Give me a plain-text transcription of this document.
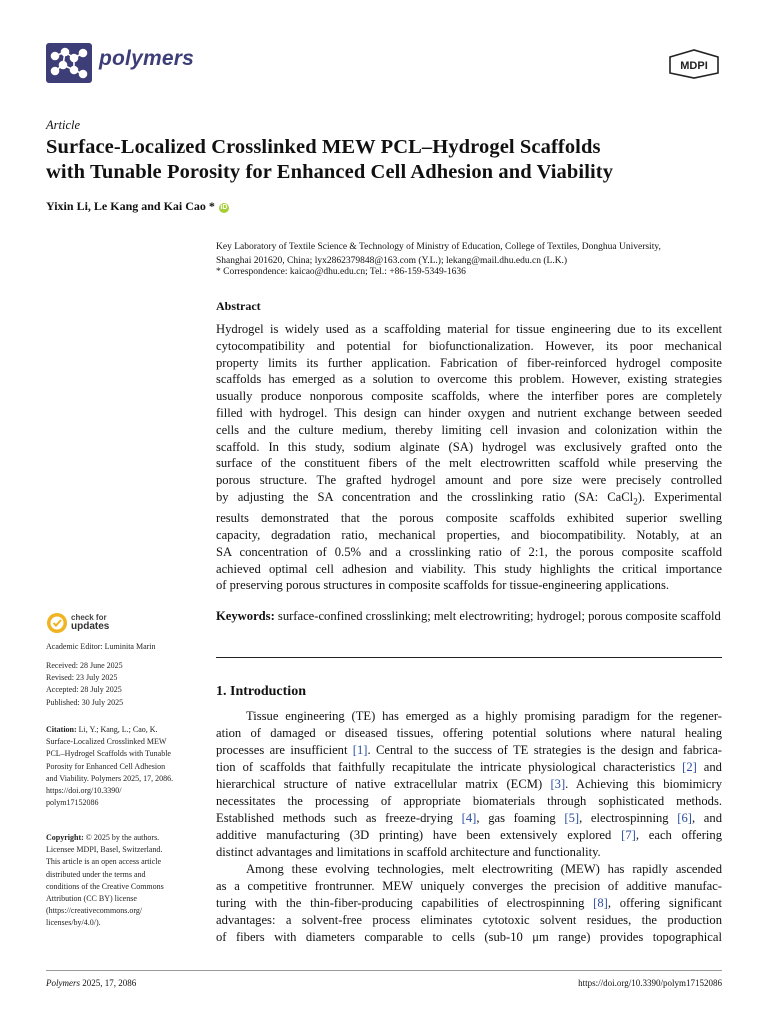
polymers	MDPI
Article
Surface-Localized Crosslinked MEW PCL–Hydrogel Scaffolds
with Tunable Porosity for Enhanced Cell Adhesion and Viability
Yixin Li, Le Kang and Kai Cao * iD

Key Laboratory of Textile Science & Technology of Ministry of Education, College of Textiles, Donghua University,

Shanghai 201620, China; lyx2862379848@163.com (Y.L.); lekang@mail.dhu.edu.cn (L.K.)

* Correspondence: kaicao@dhu.edu.cn; Tel.: +86-159-5349-1636
Abstract
Hydrogel is widely used as a scaffolding material for tissue engineering due to its excellent
cytocompatibility and potential for biofunctionalization. However, its poor mechanical
property limits its further application. Fabrication of fiber-reinforced hydrogel composite
scaffolds has emerged as a solution to overcome this problem. However, existing strategies
usually produce nonporous composite scaffolds, where the interfiber pores are completely
filled with hydrogel. This design can hinder oxygen and nutrient exchange between seeded
cells and the culture medium, thereby limiting cell invasion and colonization within the
scaffold. In this study, sodium alginate (SA) hydrogel was exclusively grafted onto the
surface of the constituent fibers of the melt electrowritten scaffold while preserving the
porous structure. The grafted hydrogel amount and pore size were precisely controlled
by adjusting the SA concentration and the crosslinking ratio (SA: CaCl$_2$). Experimental
results demonstrated that the porous composite scaffolds exhibited superior swelling
capacity, degradation ratio, mechanical properties, and biocompatibility. Notably, at an
SA concentration of 0.5% and a crosslinking ratio of 2:1, the porous composite scaffold
achieved optimal cell adhesion and viability. This study highlights the critical importance
of preserving porous structures in composite scaffolds for tissue-engineering applications.
Keywords: surface-confined crosslinking; melt electrowriting; hydrogel; porous composite scaffold
check for
updates
Academic Editor: Luminita Marin

Received: 28 June 2025

Revised: 23 July 2025

Accepted: 28 July 2025

Published: 30 July 2025

Citation: Li, Y.; Kang, L.; Cao, K.

Surface-Localized Crosslinked MEW

PCL–Hydrogel Scaffolds with Tunable

Porosity for Enhanced Cell Adhesion

and Viability. Polymers 2025, 17, 2086.

https://doi.org/10.3390/

polym17152086

Copyright: © 2025 by the authors.

Licensee MDPI, Basel, Switzerland.

This article is an open access article

distributed under the terms and

conditions of the Creative Commons

Attribution (CC BY) license

(https://creativecommons.org/

licenses/by/4.0/).

1. Introduction
Tissue engineering (TE) has emerged as a highly promising paradigm for the regener-
ation of damaged or diseased tissues, offering potential solutions where natural healing
processes are insufficient [1]. Central to the success of TE strategies is the design and fabrica-
tion of scaffolds that faithfully recapitulate the intricate physiological characteristics [2] and
hierarchical structure of native extracellular matrix (ECM) [3]. Achieving this biomimicry
necessitates the processing of appropriate biomaterials through sophisticated methods.
Established methods such as freeze-drying [4], gas foaming [5], electrospinning [6], and
additive manufacturing (3D printing) have been extensively explored [7], each offering
distinct advantages and limitations in scaffold architecture and functionality.
Among these evolving technologies, melt electrowriting (MEW) has rapidly ascended
as a competitive frontrunner. MEW uniquely converges the precision of additive manufac-
turing with the thin-fiber-producing capabilities of electrospinning [8], offering significant
advantages: a solvent-free process eliminates cytotoxic solvent residues, the production
of fibers with diameters comparable to cells (sub-10 μm range) provides topographical
Polymers 2025, 17, 2086	https://doi.org/10.3390/polym17152086
